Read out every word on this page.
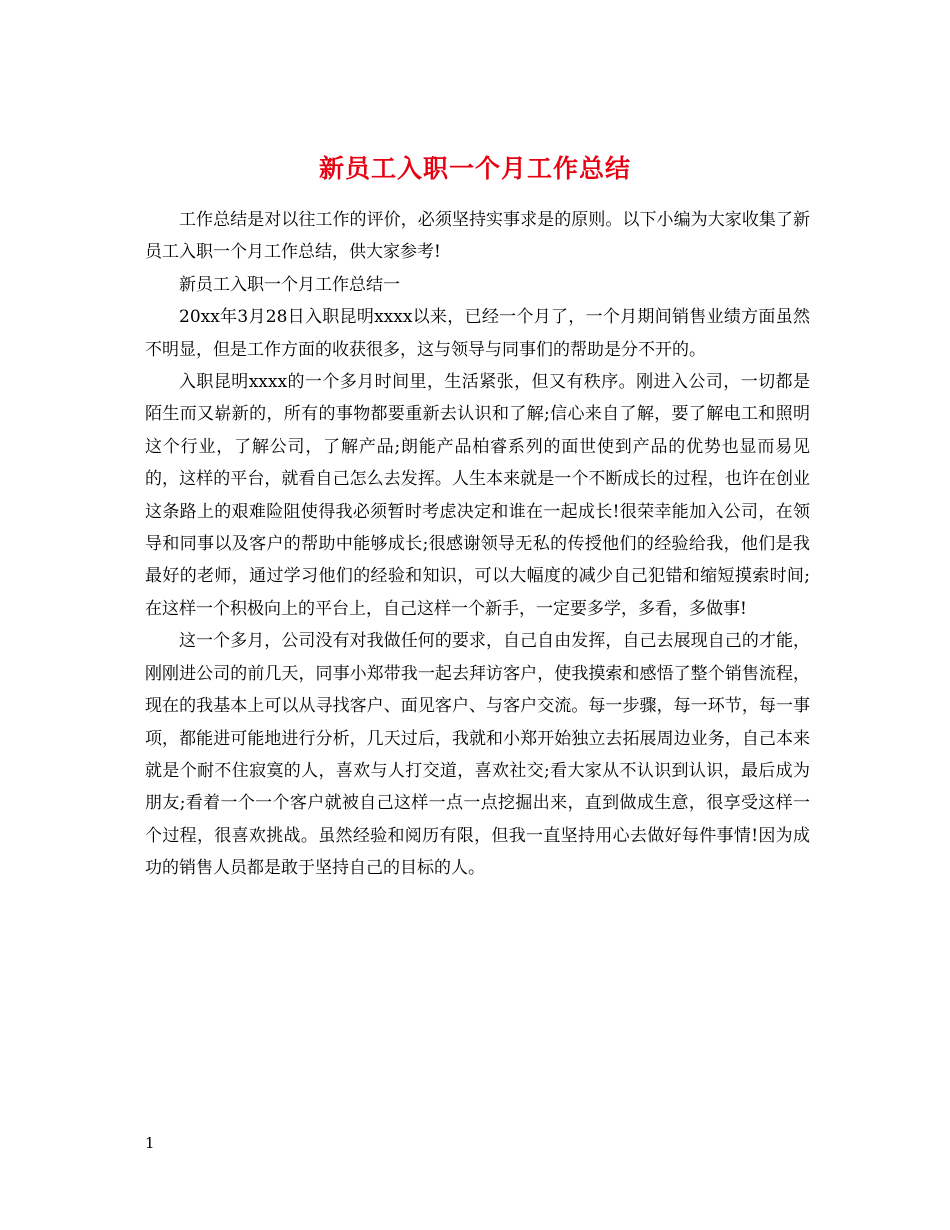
新员工入职一个月工作总结

工作总结是对以往工作的评价，必须坚持实事求是的原则。以下小编为大家收集了新员工入职一个月工作总结，供大家参考!

新员工入职一个月工作总结一

20xx年3月28日入职昆明xxxx以来，已经一个月了，一个月期间销售业绩方面虽然不明显，但是工作方面的收获很多，这与领导与同事们的帮助是分不开的。

入职昆明xxxx的一个多月时间里，生活紧张，但又有秩序。刚进入公司，一切都是陌生而又崭新的，所有的事物都要重新去认识和了解;信心来自了解，要了解电工和照明这个行业，了解公司，了解产品;朗能产品柏睿系列的面世使到产品的优势也显而易见的，这样的平台，就看自己怎么去发挥。人生本来就是一个不断成长的过程，也许在创业这条路上的艰难险阻使得我必须暂时考虑决定和谁在一起成长!很荣幸能加入公司，在领导和同事以及客户的帮助中能够成长;很感谢领导无私的传授他们的经验给我，他们是我最好的老师，通过学习他们的经验和知识，可以大幅度的减少自己犯错和缩短摸索时间;在这样一个积极向上的平台上，自己这样一个新手，一定要多学，多看，多做事!

这一个多月，公司没有对我做任何的要求，自己自由发挥，自己去展现自己的才能，刚刚进公司的前几天，同事小郑带我一起去拜访客户，使我摸索和感悟了整个销售流程，现在的我基本上可以从寻找客户、面见客户、与客户交流。每一步骤，每一环节，每一事项，都能进可能地进行分析，几天过后，我就和小郑开始独立去拓展周边业务，自己本来就是个耐不住寂寞的人，喜欢与人打交道，喜欢社交;看大家从不认识到认识，最后成为朋友;看着一个一个客户就被自己这样一点一点挖掘出来，直到做成生意，很享受这样一个过程，很喜欢挑战。虽然经验和阅历有限，但我一直坚持用心去做好每件事情!因为成功的销售人员都是敢于坚持自己的目标的人。

1
